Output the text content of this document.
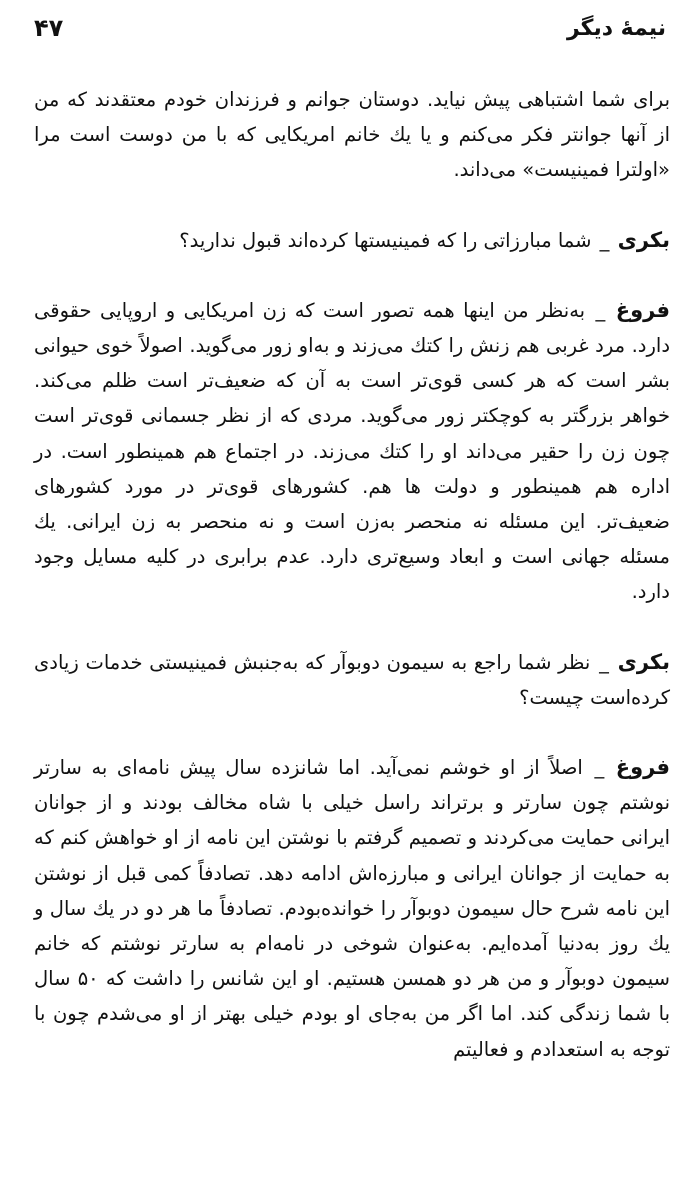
نیمهٔ دیگر
۴۷

برای شما اشتباهی پیش نیاید. دوستان جوانم و فرزندان خودم معتقدند که من از آنها جوانتر فکر می‌کنم و یا یك خانم امریکایی که با من دوست است مرا «اولترا فمینیست» می‌داند.

بکری _ شما مبارزاتی را که فمینیستها کرده‌اند قبول ندارید؟

فروغ _ به‌نظر من اینها همه تصور است که زن امریکایی و اروپایی حقوقی دارد. مرد غربی هم زنش را کتك می‌زند و به‌او زور می‌گوید. اصولاً خوی حیوانی بشر است که هر کسی قوی‌تر است به آن که ضعیف‌تر است ظلم می‌کند. خواهر بزرگتر به کوچکتر زور می‌گوید. مردی که از نظر جسمانی قوی‌تر است چون زن را حقیر می‌داند او را کتك می‌زند. در اجتماع هم همینطور است. در اداره هم همینطور و دولت ها هم. کشورهای قوی‌تر در مورد کشورهای ضعیف‌تر. این مسئله نه منحصر به‌زن است و نه منحصر به زن ایرانی. یك مسئله جهانی است و ابعاد وسیع‌تری دارد. عدم برابری در کلیه مسایل وجود دارد.

بکری _ نظر شما راجع به سیمون دوبوآر که به‌جنبش فمینیستی خدمات زیادی کرده‌است چیست؟

فروغ _ اصلاً از او خوشم نمی‌آید. اما شانزده سال پیش نامه‌ای به سارتر نوشتم چون سارتر و برتراند راسل خیلی با شاه مخالف بودند و از جوانان ایرانی حمایت می‌کردند و تصمیم گرفتم با نوشتن این نامه از او خواهش کنم که به حمایت از جوانان ایرانی و مبارزه‌اش ادامه دهد. تصادفاً کمی قبل از نوشتن این نامه شرح حال سیمون دوبوآر را خوانده‌بودم. تصادفاً ما هر دو در یك سال و یك روز به‌دنیا آمده‌ایم. به‌عنوان شوخی در نامه‌ام به سارتر نوشتم که خانم سیمون دوبوآر و من هر دو همسن هستیم. او این شانس را داشت که ۵۰ سال با شما زندگی کند. اما اگر من به‌جای او بودم خیلی بهتر از او می‌شدم چون با توجه به استعدادم و فعالیتم
